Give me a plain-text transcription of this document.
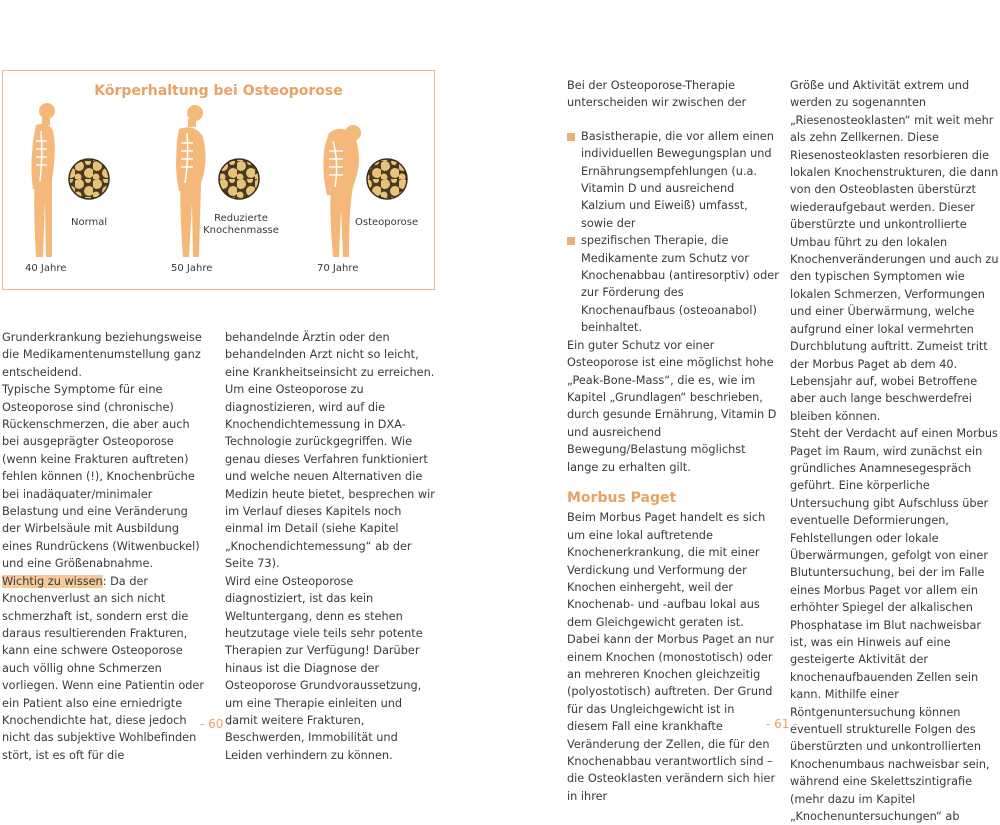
Körperhaltung bei Osteoporose
Normal	Reduzierte
Knochenmasse
Osteoporose
40 Jahre	50 Jahre	70 Jahre

Grunderkrankung beziehungsweise die Medikamentenumstellung ganz entscheidend.

Typische Symptome für eine Osteoporose sind (chronische) Rückenschmerzen, die aber auch bei ausgeprägter Osteoporose (wenn keine Frakturen auftreten) fehlen können (!), Knochenbrüche bei inadäquater/minimaler Belastung und eine Veränderung der Wirbelsäule mit Ausbildung eines Rundrückens (Witwenbuckel) und eine Größenabnahme.

Wichtig zu wissen: Da der Knochenverlust an sich nicht schmerzhaft ist, sondern erst die daraus resultierenden Frakturen, kann eine schwere Osteoporose auch völlig ohne Schmerzen vorliegen. Wenn eine Patientin oder ein Patient also eine erniedrigte Knochendichte hat, diese jedoch nicht das subjektive Wohlbefinden stört, ist es oft für die

behandelnde Ärztin oder den behandelnden Arzt nicht so leicht, eine Krankheitseinsicht zu erreichen.

Um eine Osteoporose zu diagnostizieren, wird auf die Knochendichtemessung in DXA-Technologie zurückgegriffen. Wie genau dieses Verfahren funktioniert und welche neuen Alternativen die Medizin heute bietet, besprechen wir im Verlauf dieses Kapitels noch einmal im Detail (siehe Kapitel „Knochendichtemessung“ ab der Seite 73).

Wird eine Osteoporose diagnostiziert, ist das kein Weltuntergang, denn es stehen heutzutage viele teils sehr potente Therapien zur Verfügung! Darüber hinaus ist die Diagnose der Osteoporose Grundvoraussetzung, um eine Therapie einleiten und damit weitere Frakturen, Beschwerden, Immobilität und Leiden verhindern zu können.

- 60 -

Bei der Osteoporose-Therapie unterscheiden wir zwischen der

Basistherapie, die vor allem einen individuellen Bewegungsplan und Ernährungsempfehlungen (u.a. Vitamin D und ausreichend Kalzium und Eiweiß) umfasst, sowie der
spezifischen Therapie, die Medikamente zum Schutz vor Knochenabbau (antiresorptiv) oder zur Förderung des Knochenaufbaus (osteoanabol) beinhaltet.

Ein guter Schutz vor einer Osteoporose ist eine möglichst hohe „Peak-Bone-Mass“, die es, wie im Kapitel „Grundlagen“ beschrieben, durch gesunde Ernährung, Vitamin D und ausreichend Bewegung/Belastung möglichst lange zu erhalten gilt.

Morbus Paget

Beim Morbus Paget handelt es sich um eine lokal auftretende Knochenerkrankung, die mit einer Verdickung und Verformung der Knochen einhergeht, weil der Knochenab- und -aufbau lokal aus dem Gleichgewicht geraten ist. Dabei kann der Morbus Paget an nur einem Knochen (monostotisch) oder an mehreren Knochen gleichzeitig (polyostotisch) auftreten. Der Grund für das Ungleichgewicht ist in diesem Fall eine krankhafte Veränderung der Zellen, die für den Knochenabbau verantwortlich sind – die Osteoklasten verändern sich hier in ihrer

Größe und Aktivität extrem und werden zu sogenannten „Riesenosteoklasten“ mit weit mehr als zehn Zellkernen. Diese Riesenosteoklasten resorbieren die lokalen Knochenstrukturen, die dann von den Osteoblasten überstürzt wiederaufgebaut werden. Dieser überstürzte und unkontrollierte Umbau führt zu den lokalen Knochenveränderungen und auch zu den typischen Symptomen wie lokalen Schmerzen, Verformungen und einer Überwärmung, welche aufgrund einer lokal vermehrten Durchblutung auftritt. Zumeist tritt der Morbus Paget ab dem 40. Lebensjahr auf, wobei Betroffene aber auch lange beschwerdefrei bleiben können.

Steht der Verdacht auf einen Morbus Paget im Raum, wird zunächst ein gründliches Anamnesegespräch geführt. Eine körperliche Untersuchung gibt Aufschluss über eventuelle Deformierungen, Fehlstellungen oder lokale Überwärmungen, gefolgt von einer Blutuntersuchung, bei der im Falle eines Morbus Paget vor allem ein erhöhter Spiegel der alkalischen Phosphatase im Blut nachweisbar ist, was ein Hinweis auf eine gesteigerte Aktivität der knochenaufbauenden Zellen sein kann. Mithilfe einer Röntgenuntersuchung können eventuell strukturelle Folgen des überstürzten und unkontrollierten Knochenumbaus nachweisbar sein, während eine Skelettszintigrafie (mehr dazu im Kapitel „Knochenuntersuchungen“ ab

- 61 -
